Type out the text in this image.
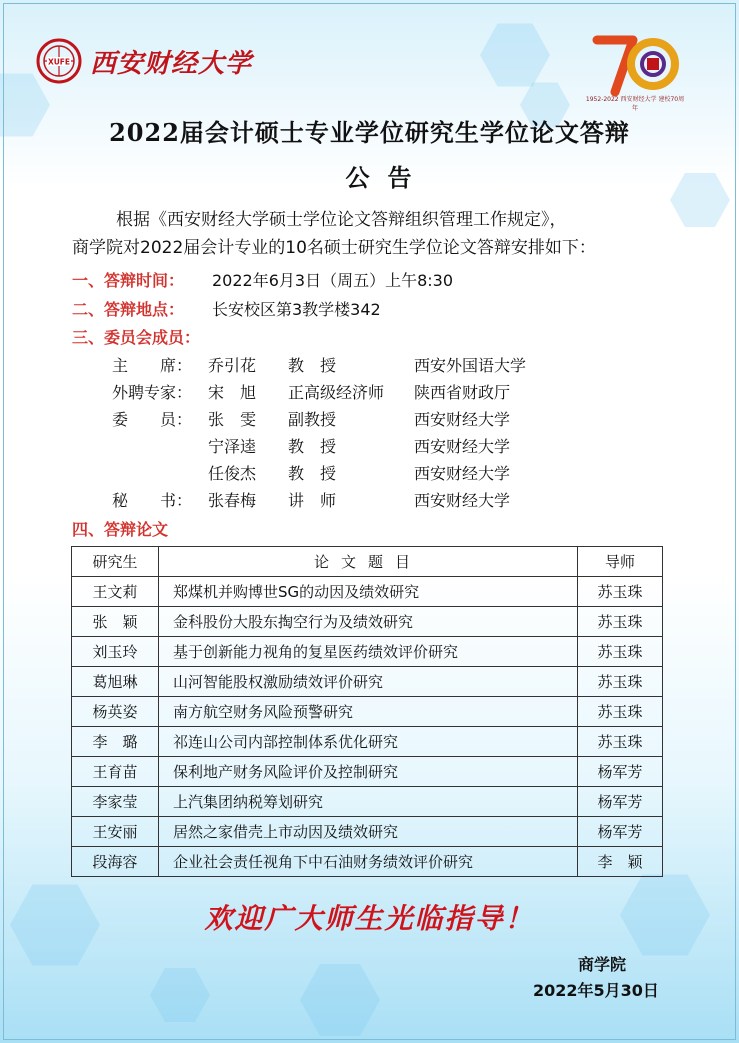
XUFE 西安财经大学
1952-2022 西安财经大学 建校70周年
2022届会计硕士专业学位研究生学位论文答辩
公告
根据《西安财经大学硕士学位论文答辩组织管理工作规定》，
商学院对2022届会计专业的10名硕士研究生学位论文答辩安排如下：
一、答辩时间： 2022年6月3日（周五）上午8:30
二、答辩地点： 长安校区第3教学楼342
三、委员会成员：
主　　席： 乔引花 教　授	西安外国语大学
外聘专家： 宋　旭 正高级经济师 陕西省财政厅
委　　员： 张　雯 副教授	西安财经大学
宁泽逵 教　授	西安财经大学
任俊杰 教　授	西安财经大学
秘　　书： 张春梅 讲　师	西安财经大学
四、答辩论文
研究生	论文题目	导师
王文莉	郑煤机并购博世SG的动因及绩效研究	苏玉珠
张　颖	金科股份大股东掏空行为及绩效研究	苏玉珠
刘玉玲	基于创新能力视角的复星医药绩效评价研究	苏玉珠
葛旭琳	山河智能股权激励绩效评价研究	苏玉珠
杨英姿	南方航空财务风险预警研究	苏玉珠
李　璐	祁连山公司内部控制体系优化研究	苏玉珠
王育苗	保利地产财务风险评价及控制研究	杨军芳
李家莹	上汽集团纳税筹划研究	杨军芳
王安丽	居然之家借壳上市动因及绩效研究	杨军芳
段海容	企业社会责任视角下中石油财务绩效评价研究	李　颖
欢迎广大师生光临指导！
商学院
2022年5月30日
